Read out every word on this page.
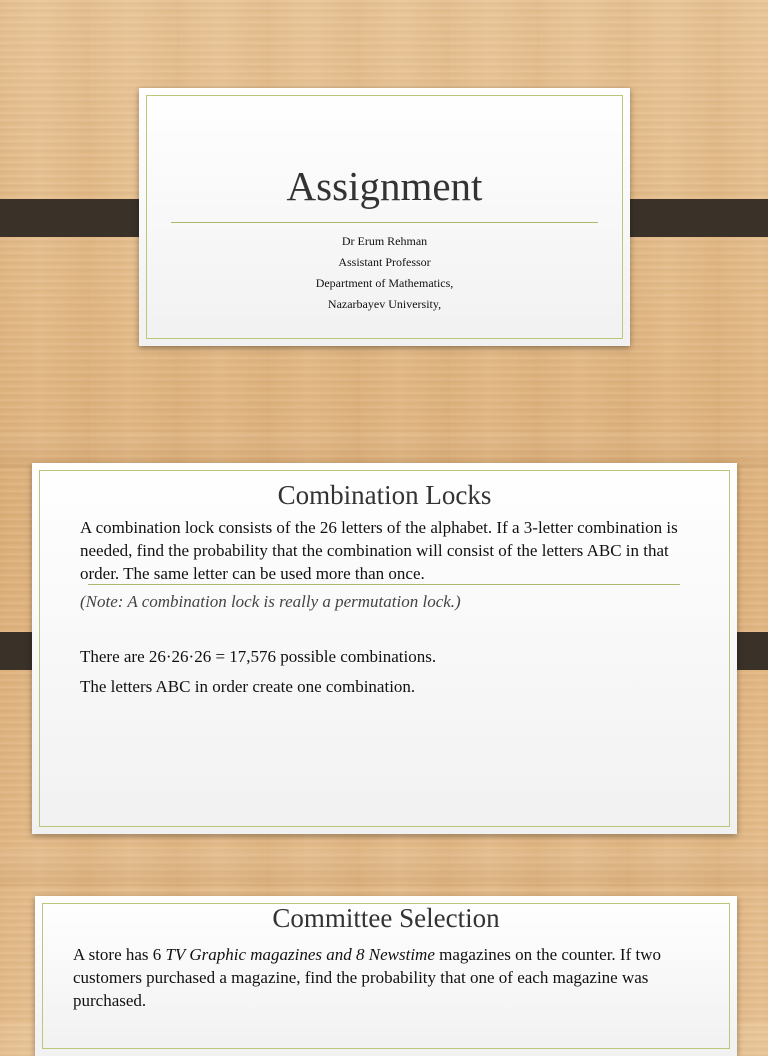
Assignment
Dr Erum Rehman
Assistant Professor
Department of Mathematics,
Nazarbayev University,
Combination Locks
A combination lock consists of the 26 letters of the alphabet. If a 3-letter combination is needed, find the probability that the combination will consist of the letters ABC in that order. The same letter can be used more than once.
(Note: A combination lock is really a permutation lock.)
There are 26·26·26 = 17,576 possible combinations.
The letters ABC in order create one combination.
Committee Selection
A store has 6 TV Graphic magazines and 8 Newstime magazines on the counter. If two customers purchased a magazine, find the probability that one of each magazine was purchased.
